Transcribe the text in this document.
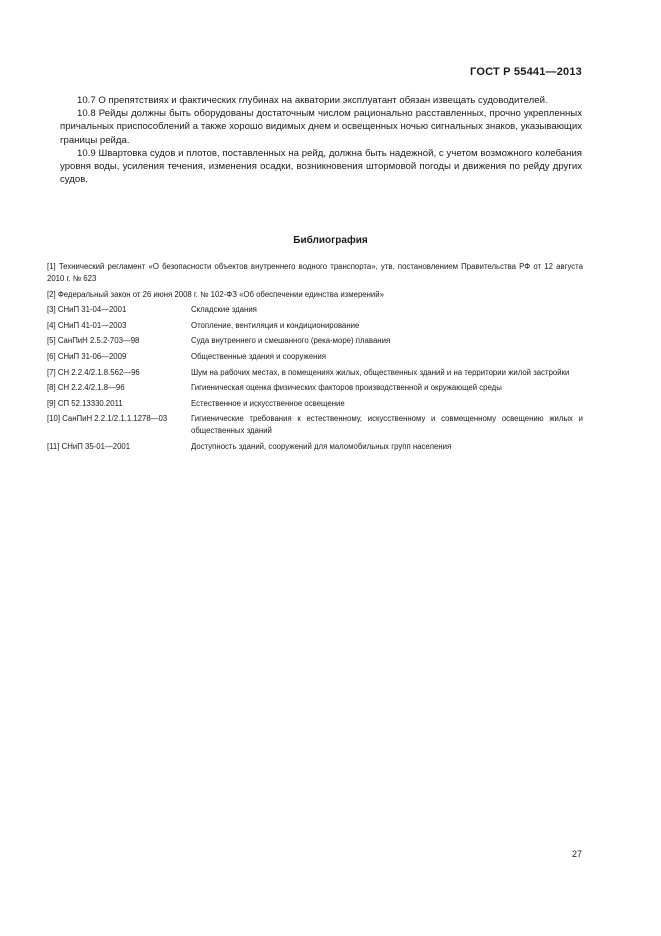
ГОСТ Р 55441—2013

10.7 О препятствиях и фактических глубинах на акватории эксплуатант обязан извещать судоводителей.

10.8 Рейды должны быть оборудованы достаточным числом рационально расставленных, прочно укрепленных причальных приспособлений а также хорошо видимых днем и освещенных ночью сигнальных знаков, указывающих границы рейда.

10.9 Швартовка судов и плотов, поставленных на рейд, должна быть надежной, с учетом возможного колебания уровня воды, усиления течения, изменения осадки, возникновения штормовой погоды и движения по рейду других судов.

Библиография
[1] Технический регламент «О безопасности объектов внутреннего водного транспорта», утв. постановлением Правительства РФ от 12 августа 2010 г. № 623
[2] Федеральный закон от 26 июня 2008 г. № 102-ФЗ «Об обеспечении единства измерений»
[3] СНиП 31-04—2001	Складские здания
[4] СНиП 41-01—2003	Отопление, вентиляция и кондиционирование
[5] СанПиН 2.5.2-703—98	Суда внутреннего и смешанного (река-море) плавания
[6] СНиП 31-06—2009	Общественные здания и сооружения
[7] СН 2.2.4/2.1.8.562—96	Шум на рабочих местах, в помещениях жилых, общественных зданий и на территории жилой застройки
[8] СН 2.2.4/2.1.8—96	Гигиеническая оценка физических факторов производственной и окружающей среды
[9] СП 52.13330.2011	Естественное и искусственное освещение
[10] СанПиН 2.2.1/2.1.1.1278—03	Гигиенические требования к естественному, искусственному и совмещенному освещению жилых и общественных зданий
[11] СНиП 35-01—2001	Доступность зданий, сооружений для маломобильных групп населения
27
